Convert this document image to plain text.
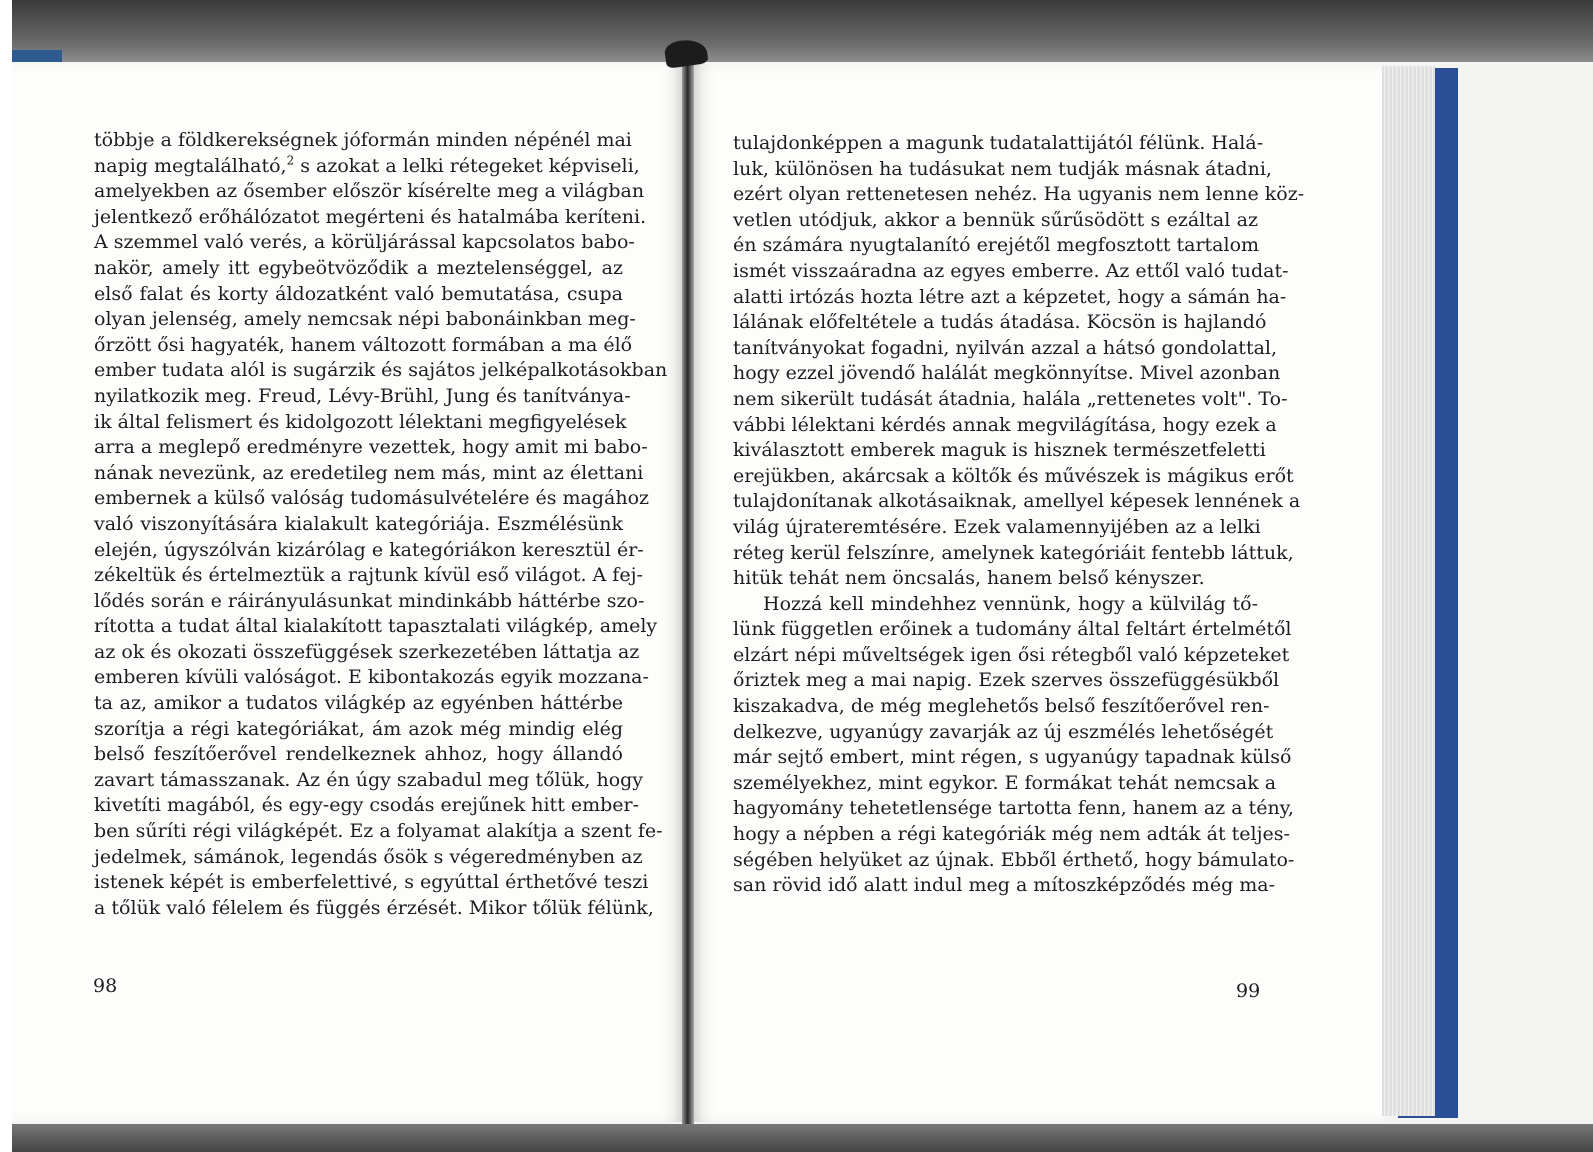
többje a földkerekségnek jóformán minden népénél mai
napig megtalálható,$^2$ s azokat a lelki rétegeket képviseli,
amelyekben az ősember először kísérelte meg a világban
jelentkező erőhálózatot megérteni és hatalmába keríteni.
A szemmel való verés, a körüljárással kapcsolatos babo-
nakör, amely itt egybeötvöződik a meztelenséggel, az
első falat és korty áldozatként való bemutatása, csupa
olyan jelenség, amely nemcsak népi babonáinkban meg-
őrzött ősi hagyaték, hanem változott formában a ma élő
ember tudata alól is sugárzik és sajátos jelképalkotásokban
nyilatkozik meg. Freud, Lévy-Brühl, Jung és tanítványa-
ik által felismert és kidolgozott lélektani megfigyelések
arra a meglepő eredményre vezettek, hogy amit mi babo-
nának nevezünk, az eredetileg nem más, mint az élettani
embernek a külső valóság tudomásulvételére és magához
való viszonyítására kialakult kategóriája. Eszmélésünk
elején, úgyszólván kizárólag e kategóriákon keresztül ér-
zékeltük és értelmeztük a rajtunk kívül eső világot. A fej-
lődés során e ráirányulásunkat mindinkább háttérbe szo-
rította a tudat által kialakított tapasztalati világkép, amely
az ok és okozati összefüggések szerkezetében láttatja az
emberen kívüli valóságot. E kibontakozás egyik mozzana-
ta az, amikor a tudatos világkép az egyénben háttérbe
szorítja a régi kategóriákat, ám azok még mindig elég
belső feszítőerővel rendelkeznek ahhoz, hogy állandó
zavart támasszanak. Az én úgy szabadul meg tőlük, hogy
kivetíti magából, és egy-egy csodás erejűnek hitt ember-
ben sűríti régi világképét. Ez a folyamat alakítja a szent fe-
jedelmek, sámánok, legendás ősök s végeredményben az
istenek képét is emberfelettivé, s egyúttal érthetővé teszi
a tőlük való félelem és függés érzését. Mikor tőlük félünk,

98

tulajdonképpen a magunk tudatalattijától félünk. Halá-
luk, különösen ha tudásukat nem tudják másnak átadni,
ezért olyan rettenetesen nehéz. Ha ugyanis nem lenne köz-
vetlen utódjuk, akkor a bennük sűrűsödött s ezáltal az
én számára nyugtalanító erejétől megfosztott tartalom
ismét visszaáradna az egyes emberre. Az ettől való tudat-
alatti irtózás hozta létre azt a képzetet, hogy a sámán ha-
lálának előfeltétele a tudás átadása. Köcsön is hajlandó
tanítványokat fogadni, nyilván azzal a hátsó gondolattal,
hogy ezzel jövendő halálát megkönnyítse. Mivel azonban
nem sikerült tudását átadnia, halála „rettenetes volt". To-
vábbi lélektani kérdés annak megvilágítása, hogy ezek a
kiválasztott emberek maguk is hisznek természetfeletti
erejükben, akárcsak a költők és művészek is mágikus erőt
tulajdonítanak alkotásaiknak, amellyel képesek lennének a
világ újrateremtésére. Ezek valamennyijében az a lelki
réteg kerül felszínre, amelynek kategóriáit fentebb láttuk,
hitük tehát nem öncsalás, hanem belső kényszer.

Hozzá kell mindehhez vennünk, hogy a külvilág tő-
lünk független erőinek a tudomány által feltárt értelmétől
elzárt népi műveltségek igen ősi rétegből való képzeteket
őriztek meg a mai napig. Ezek szerves összefüggésükből
kiszakadva, de még meglehetős belső feszítőerővel ren-
delkezve, ugyanúgy zavarják az új eszmélés lehetőségét
már sejtő embert, mint régen, s ugyanúgy tapadnak külső
személyekhez, mint egykor. E formákat tehát nemcsak a
hagyomány tehetetlensége tartotta fenn, hanem az a tény,
hogy a népben a régi kategóriák még nem adták át teljes-
ségében helyüket az újnak. Ebből érthető, hogy bámulato-
san rövid idő alatt indul meg a mítoszképződés még ma-

99
